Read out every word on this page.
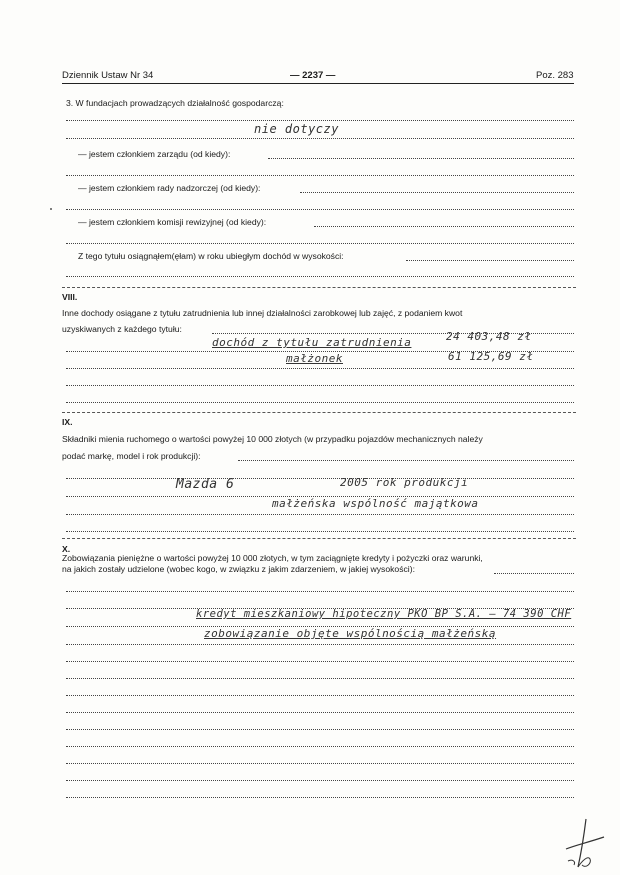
Dziennik Ustaw Nr 34	— 2237 —	Poz. 283
3. W fundacjach prowadzących działalność gospodarczą:
nie dotyczy
— jestem członkiem zarządu (od kiedy):
— jestem członkiem rady nadzorczej (od kiedy):
— jestem członkiem komisji rewizyjnej (od kiedy):
Z tego tytułu osiągnąłem(ęłam) w roku ubiegłym dochód w wysokości:
VIII.
Inne dochody osiągane z tytułu zatrudnienia lub innej działalności zarobkowej lub zajęć, z podaniem kwot
uzyskiwanych z każdego tytułu:
dochód z tytułu zatrudnienia	24 403,48 zł
małżonek	61 125,69 zł
IX.
Składniki mienia ruchomego o wartości powyżej 10 000 złotych (w przypadku pojazdów mechanicznych należy
podać markę, model i rok produkcji):
Mazda 6	2005 rok produkcji
małżeńska wspólność majątkowa
X.
Zobowiązania pieniężne o wartości powyżej 10 000 złotych, w tym zaciągnięte kredyty i pożyczki oraz warunki,
na jakich zostały udzielone (wobec kogo, w związku z jakim zdarzeniem, w jakiej wysokości):
kredyt mieszkaniowy hipoteczny PKO BP S.A. — 74 390 CHF
zobowiązanie objęte wspólnością małżeńską
